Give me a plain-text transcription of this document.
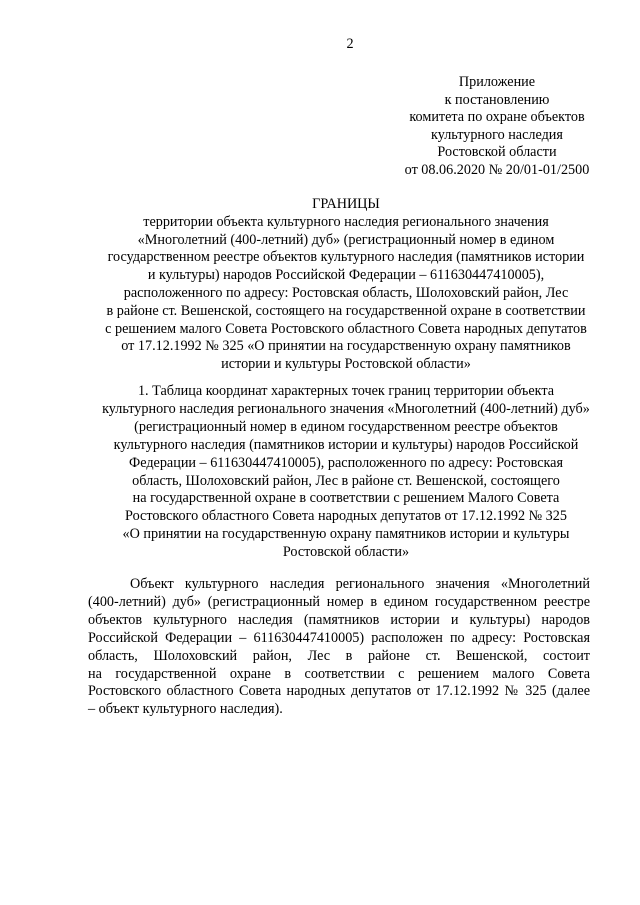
2
Приложение
к постановлению
комитета по охране объектов
культурного наследия
Ростовской области
от 08.06.2020 № 20/01-01/2500
ГРАНИЦЫ
территории объекта культурного наследия регионального значения
«Многолетний (400-летний) дуб» (регистрационный номер в едином
государственном реестре объектов культурного наследия (памятников истории
и культуры) народов Российской Федерации – 611630447410005),
расположенного по адресу: Ростовская область, Шолоховский район, Лес
в районе ст. Вешенской, состоящего на государственной охране в соответствии
с решением малого Совета Ростовского областного Совета народных депутатов
от 17.12.1992 № 325 «О принятии на государственную охрану памятников
истории и культуры Ростовской области»
1. Таблица координат характерных точек границ территории объекта
культурного наследия регионального значения «Многолетний (400-летний) дуб»
(регистрационный номер в едином государственном реестре объектов
культурного наследия (памятников истории и культуры) народов Российской
Федерации – 611630447410005), расположенного по адресу: Ростовская
область, Шолоховский район, Лес в районе ст. Вешенской, состоящего
на государственной охране в соответствии с решением Малого Совета
Ростовского областного Совета народных депутатов от 17.12.1992 № 325
«О принятии на государственную охрану памятников истории и культуры
Ростовской области»
Объект культурного наследия регионального значения «Многолетний
(400-летний) дуб» (регистрационный номер в едином государственном реестре
объектов культурного наследия (памятников истории и культуры) народов
Российской Федерации – 611630447410005) расположен по адресу: Ростовская
область, Шолоховский район, Лес в районе ст. Вешенской, состоит
на государственной охране в соответствии с решением малого Совета
Ростовского областного Совета народных депутатов от 17.12.1992 № 325 (далее
– объект культурного наследия).
